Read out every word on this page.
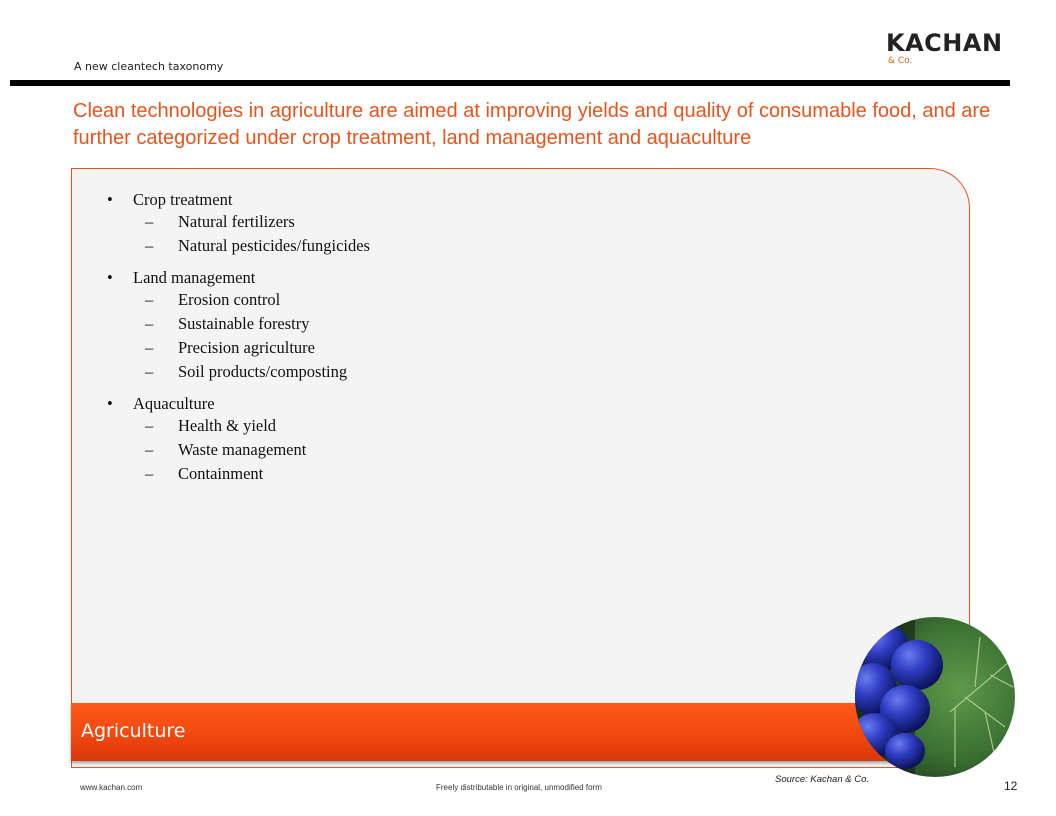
A new cleantech taxonomy
KACHAN
& Co.
Clean technologies in agriculture are aimed at improving yields and quality of consumable food, and are further categorized under crop treatment, land management and aquaculture
•	Crop treatment
–	Natural fertilizers
–	Natural pesticides/fungicides
•	Land management
–	Erosion control
–	Sustainable forestry
–	Precision agriculture
–	Soil products/composting
•	Aquaculture
–	Health & yield
–	Waste management
–	Containment
Agriculture
Source: Kachan & Co.
www.kachan.com	Freely distributable in original, unmodified form	12
